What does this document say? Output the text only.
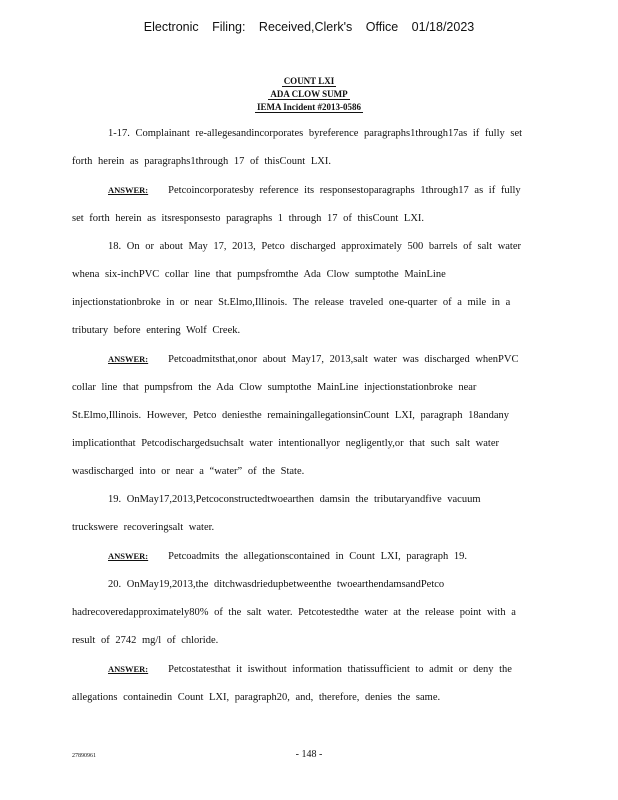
Electronic Filing: Received,Clerk's Office 01/18/2023
COUNT LXI
ADA CLOW SUMP
IEMA Incident #2013-0586
1-17. Complainant re-allegesandincorporates byreference paragraphs1through17as if fully set forth herein as paragraphs1through 17 of thisCount LXI.
ANSWER: Petcoincorporatesby reference its responsestoparagraphs 1through17 as if fully set forth herein as itsresponsesto paragraphs 1 through 17 of thisCount LXI.
18. On or about May 17, 2013, Petco discharged approximately 500 barrels of salt water whena six-inchPVC collar line that pumpsfromthe Ada Clow sumptothe MainLine injectionstationbroke in or near St.Elmo,Illinois. The release traveled one-quarter of a mile in a tributary before entering Wolf Creek.
ANSWER: Petcoadmitsthat,onor about May17, 2013,salt water was discharged whenPVC collar line that pumpsfrom the Ada Clow sumptothe MainLine injectionstationbroke near St.Elmo,Illinois. However, Petco deniesthe remainingallegationsinCount LXI, paragraph 18andany implicationthat Petcodischargedsuchsalt water intentionallyor negligently,or that such salt water wasdischarged into or near a “water” of the State.
19. OnMay17,2013,Petcoconstructedtwoearthen damsin the tributaryandfive vacuum truckswere recoveringsalt water.
ANSWER: Petcoadmits the allegationscontained in Count LXI, paragraph 19.
20. OnMay19,2013,the ditchwasdriedupbetweenthe twoearthendamsandPetco hadrecoveredapproximately80% of the salt water. Petcotestedthe water at the release point with a result of 2742 mg/l of chloride.
ANSWER: Petcostatesthat it iswithout information thatissufficient to admit or deny the allegations containedin Count LXI, paragraph20, and, therefore, denies the same.
27890961	- 148 -
